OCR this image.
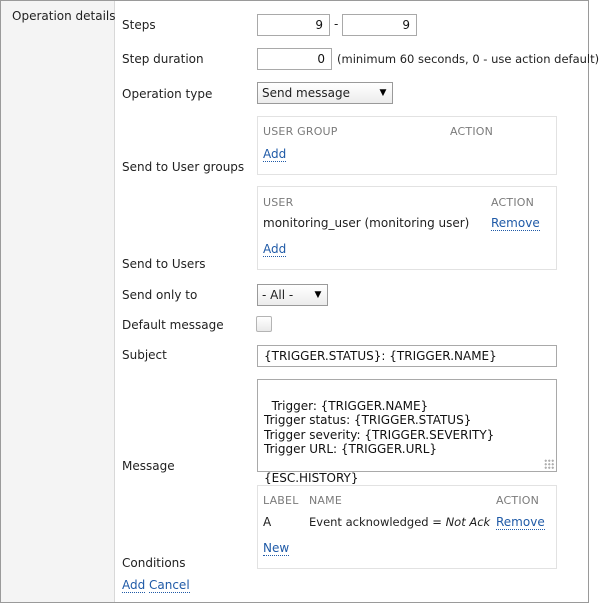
Operation details
Steps	9 -	9
Step duration	0	(minimum 60 seconds, 0 - use action default)
Operation type	Send message	▼
USER GROUP	ACTION
Add
Send to User groups
USER	ACTION
monitoring_user (monitoring user) Remove
Add
Send to Users
Send only to	- All -	▼
Default message
Subject	{TRIGGER.STATUS}: {TRIGGER.NAME}

Trigger: {TRIGGER.NAME}
Trigger status: {TRIGGER.STATUS}
Trigger severity: {TRIGGER.SEVERITY}
Trigger URL: {TRIGGER.URL}

{ESC.HISTORY}

Message
LABEL NAME	ACTION
A	Event acknowledged = Not Ack Remove
New
Conditions
Add Cancel
